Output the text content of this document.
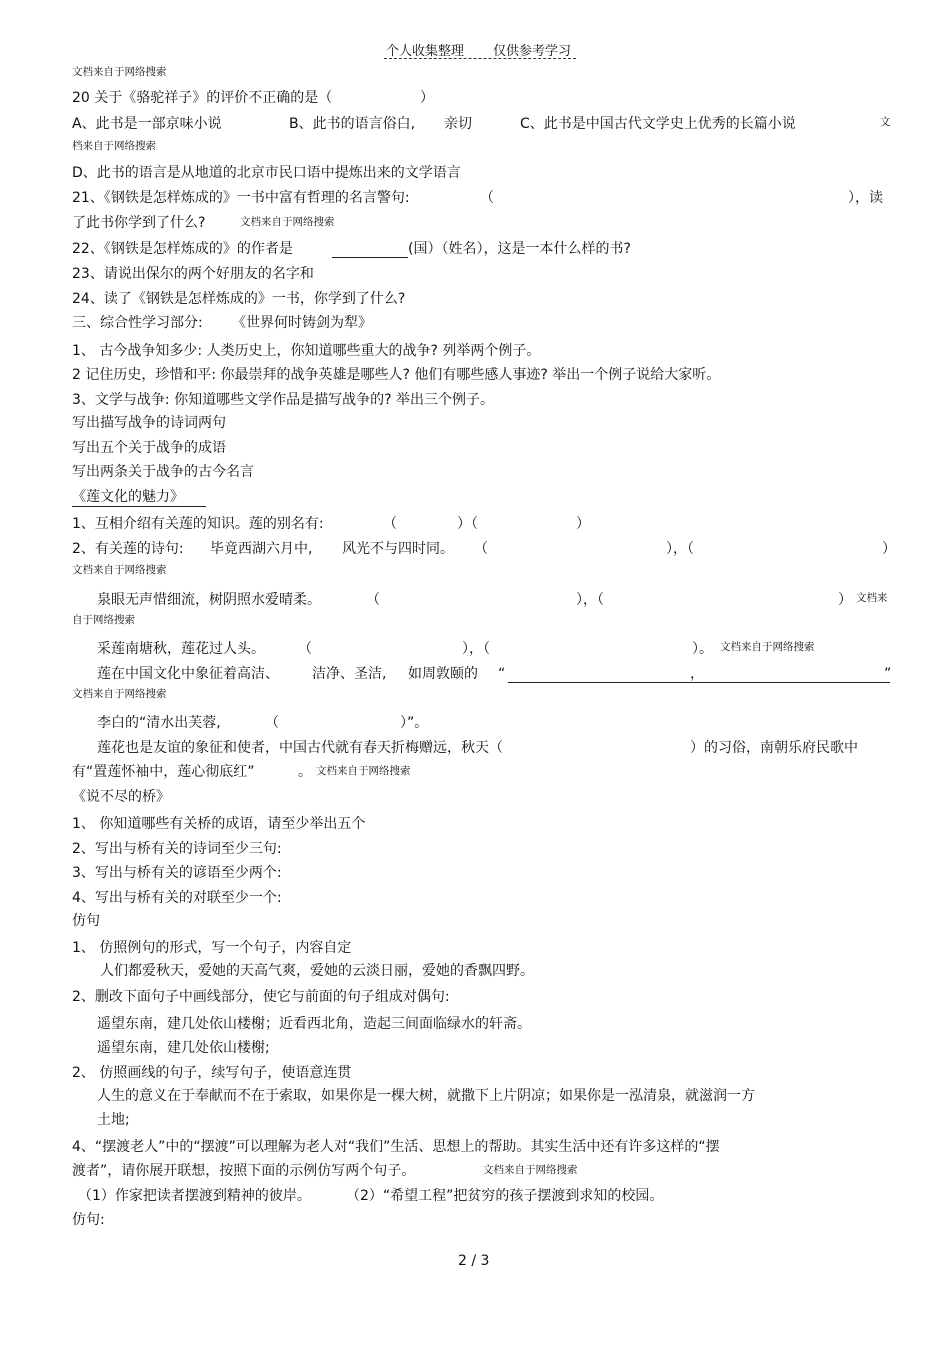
个人收集整理 仅供参考学习
文档来自于网络搜索
20 关于《骆驼祥子》的评价不正确的是（	）
A、此书是一部京味小说	B、此书的语言俗白, 亲切	C、此书是中国古代文学史上优秀的长篇小说	文
档来自于网络搜索
D、此书的语言是从地道的北京市民口语中提炼出来的文学语言
21、《钢铁是怎样炼成的》一书中富有哲理的名言警句:	（	），读
了此书你学到了什么?	文档来自于网络搜索
22、《钢铁是怎样炼成的》的作者是	(国）（姓名），这是一本什么样的书?
23、请说出保尔的两个好朋友的名字和
24、读了《钢铁是怎样炼成的》一书，你学到了什么?
三、综合性学习部分: 《世界何时铸剑为犁》
1、 古今战争知多少: 人类历史上，你知道哪些重大的战争? 列举两个例子。
2 记住历史，珍惜和平: 你最崇拜的战争英雄是哪些人? 他们有哪些感人事迹? 举出一个例子说给大家听。
3、文学与战争: 你知道哪些文学作品是描写战争的? 举出三个例子。
写出描写战争的诗词两句
写出五个关于战争的成语
写出两条关于战争的古今名言
《莲文化的魅力》
1、互相介绍有关莲的知识。莲的别名有:	（	）（	）
2、有关莲的诗句: 毕竟西湖六月中, 风光不与四时同。 （	），（	）
文档来自于网络搜索
泉眼无声惜细流，树阴照水爱晴柔。	（	），（	） 文档来
自于网络搜索
采莲南塘秋，莲花过人头。 （	），（	）。 文档来自于网络搜索
莲在中国文化中象征着高洁、 洁净、圣洁, 如周敦颐的 “	，	”
文档来自于网络搜索
李白的“清水出芙蓉,	（	）”。
莲花也是友谊的象征和使者，中国古代就有春天折梅赠远，秋天（	）的习俗，南朝乐府民歌中
有“置莲怀袖中，莲心彻底红”	。 文档来自于网络搜索
《说不尽的桥》
1、 你知道哪些有关桥的成语，请至少举出五个
2、写出与桥有关的诗词至少三句:
3、写出与桥有关的谚语至少两个:
4、写出与桥有关的对联至少一个:
仿句
1、 仿照例句的形式，写一个句子，内容自定
人们都爱秋天，爱她的天高气爽，爱她的云淡日丽，爱她的香飘四野。
2、删改下面句子中画线部分，使它与前面的句子组成对偶句:
遥望东南，建几处依山楼榭；近看西北角，造起三间面临绿水的轩斋。
遥望东南，建几处依山楼榭;
2、 仿照画线的句子，续写句子，使语意连贯
人生的意义在于奉献而不在于索取，如果你是一棵大树，就撒下上片阴凉；如果你是一泓清泉，就滋润一方
土地;
4、“摆渡老人”中的“摆渡”可以理解为老人对“我们”生活、思想上的帮助。其实生活中还有许多这样的“摆
渡者”，请你展开联想，按照下面的示例仿写两个句子。	文档来自于网络搜索
（1）作家把读者摆渡到精神的彼岸。	（2）“希望工程”把贫穷的孩子摆渡到求知的校园。
仿句:
2 / 3
